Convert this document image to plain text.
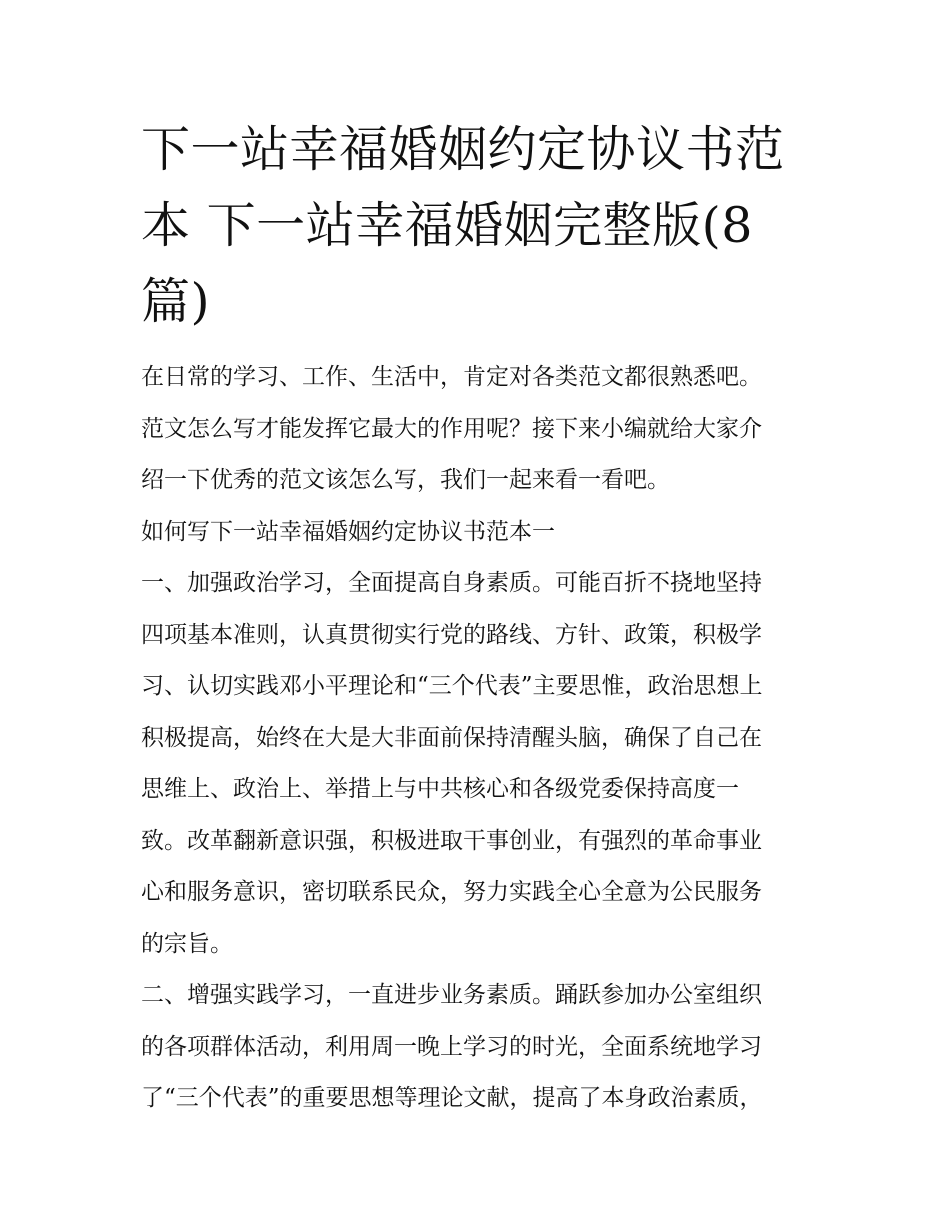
下一站幸福婚姻约定协议书范
本 下一站幸福婚姻完整版(8
篇)
在日常的学习、工作、生活中，肯定对各类范文都很熟悉吧。
范文怎么写才能发挥它最大的作用呢？接下来小编就给大家介
绍一下优秀的范文该怎么写，我们一起来看一看吧。
如何写下一站幸福婚姻约定协议书范本一
一、加强政治学习，全面提高自身素质。可能百折不挠地坚持
四项基本准则，认真贯彻实行党的路线、方针、政策，积极学
习、认切实践邓小平理论和“三个代表”主要思惟，政治思想上
积极提高，始终在大是大非面前保持清醒头脑，确保了自己在
思维上、政治上、举措上与中共核心和各级党委保持高度一
致。改革翻新意识强，积极进取干事创业，有强烈的革命事业
心和服务意识，密切联系民众，努力实践全心全意为公民服务
的宗旨。
二、增强实践学习，一直进步业务素质。踊跃参加办公室组织
的各项群体活动，利用周一晚上学习的时光，全面系统地学习
了“三个代表”的重要思想等理论文献，提高了本身政治素质，
